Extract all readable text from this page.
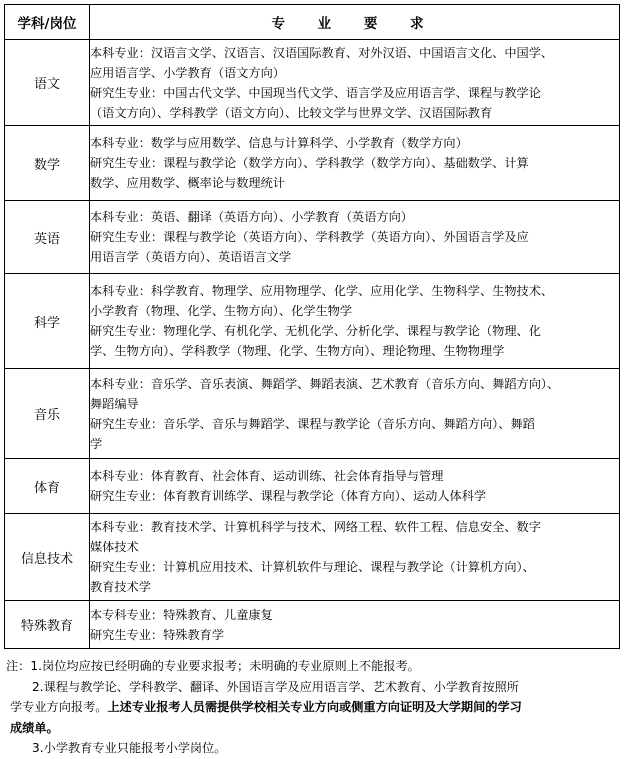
学科/岗位	专 业 要 求
语文	本科专业：汉语言文学、汉语言、汉语国际教育、对外汉语、中国语言文化、中国学、
应用语言学、小学教育（语文方向）
研究生专业：中国古代文学、中国现当代文学、语言学及应用语言学、课程与教学论
（语文方向）、学科教学（语文方向）、比较文学与世界文学、汉语国际教育

数学	本科专业：数学与应用数学、信息与计算科学、小学教育（数学方向）
研究生专业：课程与教学论（数学方向）、学科教学（数学方向）、基础数学、计算
数学、应用数学、概率论与数理统计

英语	本科专业：英语、翻译（英语方向）、小学教育（英语方向）
研究生专业：课程与教学论（英语方向）、学科教学（英语方向）、外国语言学及应
用语言学（英语方向）、英语语言文学

科学	本科专业：科学教育、物理学、应用物理学、化学、应用化学、生物科学、生物技术、
小学教育（物理、化学、生物方向）、化学生物学
研究生专业：物理化学、有机化学、无机化学、分析化学、课程与教学论（物理、化
学、生物方向）、学科教学（物理、化学、生物方向）、理论物理、生物物理学

音乐	本科专业：音乐学、音乐表演、舞蹈学、舞蹈表演、艺术教育（音乐方向、舞蹈方向）、
舞蹈编导
研究生专业：音乐学、音乐与舞蹈学、课程与教学论（音乐方向、舞蹈方向）、舞蹈
学

体育	本科专业：体育教育、社会体育、运动训练、社会体育指导与管理
研究生专业：体育教育训练学、课程与教学论（体育方向）、运动人体科学

信息技术	本科专业：教育技术学、计算机科学与技术、网络工程、软件工程、信息安全、数字
媒体技术
研究生专业：计算机应用技术、计算机软件与理论、课程与教学论（计算机方向）、
教育技术学

特殊教育	本专科专业：特殊教育、儿童康复
研究生专业：特殊教育学
注：1.岗位均应按已经明确的专业要求报考；未明确的专业原则上不能报考。
2.课程与教学论、学科教学、翻译、外国语言学及应用语言学、艺术教育、小学教育按照所
学专业方向报考。上述专业报考人员需提供学校相关专业方向或侧重方向证明及大学期间的学习
成绩单。
3.小学教育专业只能报考小学岗位。
